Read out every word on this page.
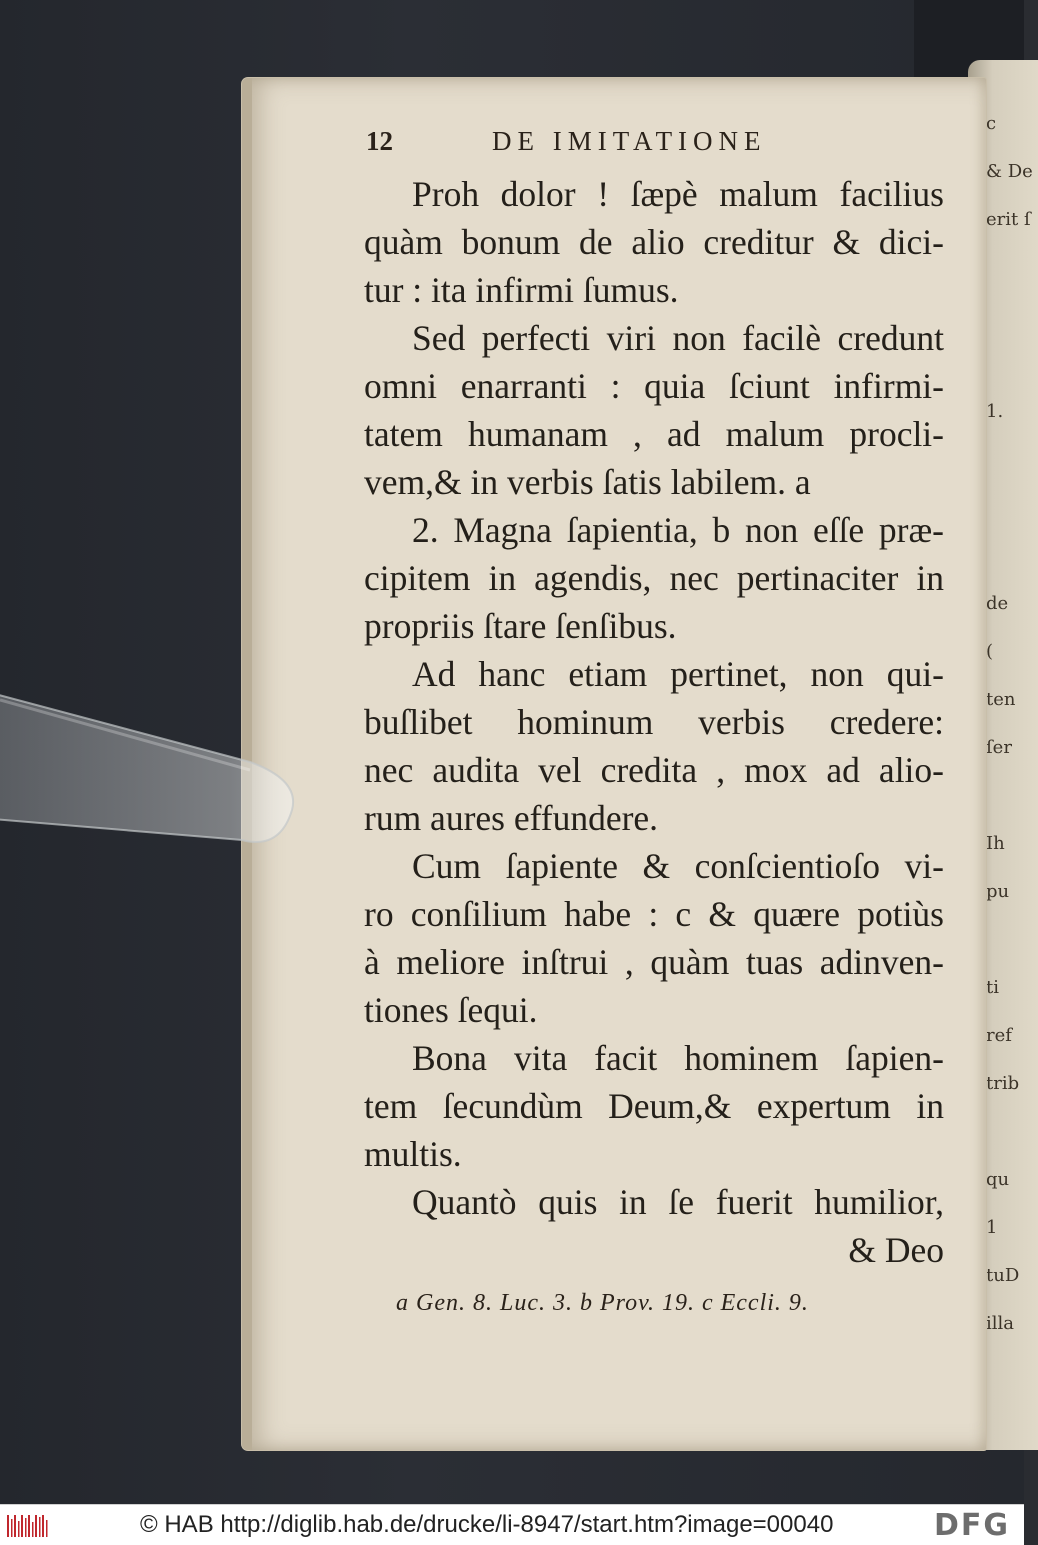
c
& De
erit ſ

1.

de
(
ten
ſer

Ih
pu

ti
ref
trib

qu
1
tuD
illa
12	DE IMITATIONE
Proh dolor ! ſæpè malum facilius
quàm bonum de alio creditur & dici-
tur : ita infirmi ſumus.
Sed perfecti viri non facilè credunt
omni enarranti : quia ſciunt infirmi-
tatem humanam , ad malum procli-
vem,& in verbis ſatis labilem. a
2. Magna ſapientia, b non eſſe præ-
cipitem in agendis, nec pertinaciter in
propriis ſtare ſenſibus.
Ad hanc etiam pertinet, non qui-
buſlibet hominum verbis credere:
nec audita vel credita , mox ad alio-
rum aures effundere.
Cum ſapiente & conſcientioſo vi-
ro conſilium habe : c & quære potiùs
à meliore inſtrui , quàm tuas adinven-
tiones ſequi.
Bona vita facit hominem ſapien-
tem ſecundùm Deum,& expertum in
multis.
Quantò quis in ſe fuerit humilior,
& Deo
a Gen. 8. Luc. 3. b Prov. 19. c Eccli. 9.
© HAB http://diglib.hab.de/drucke/li-8947/start.htm?image=00040	DFG
